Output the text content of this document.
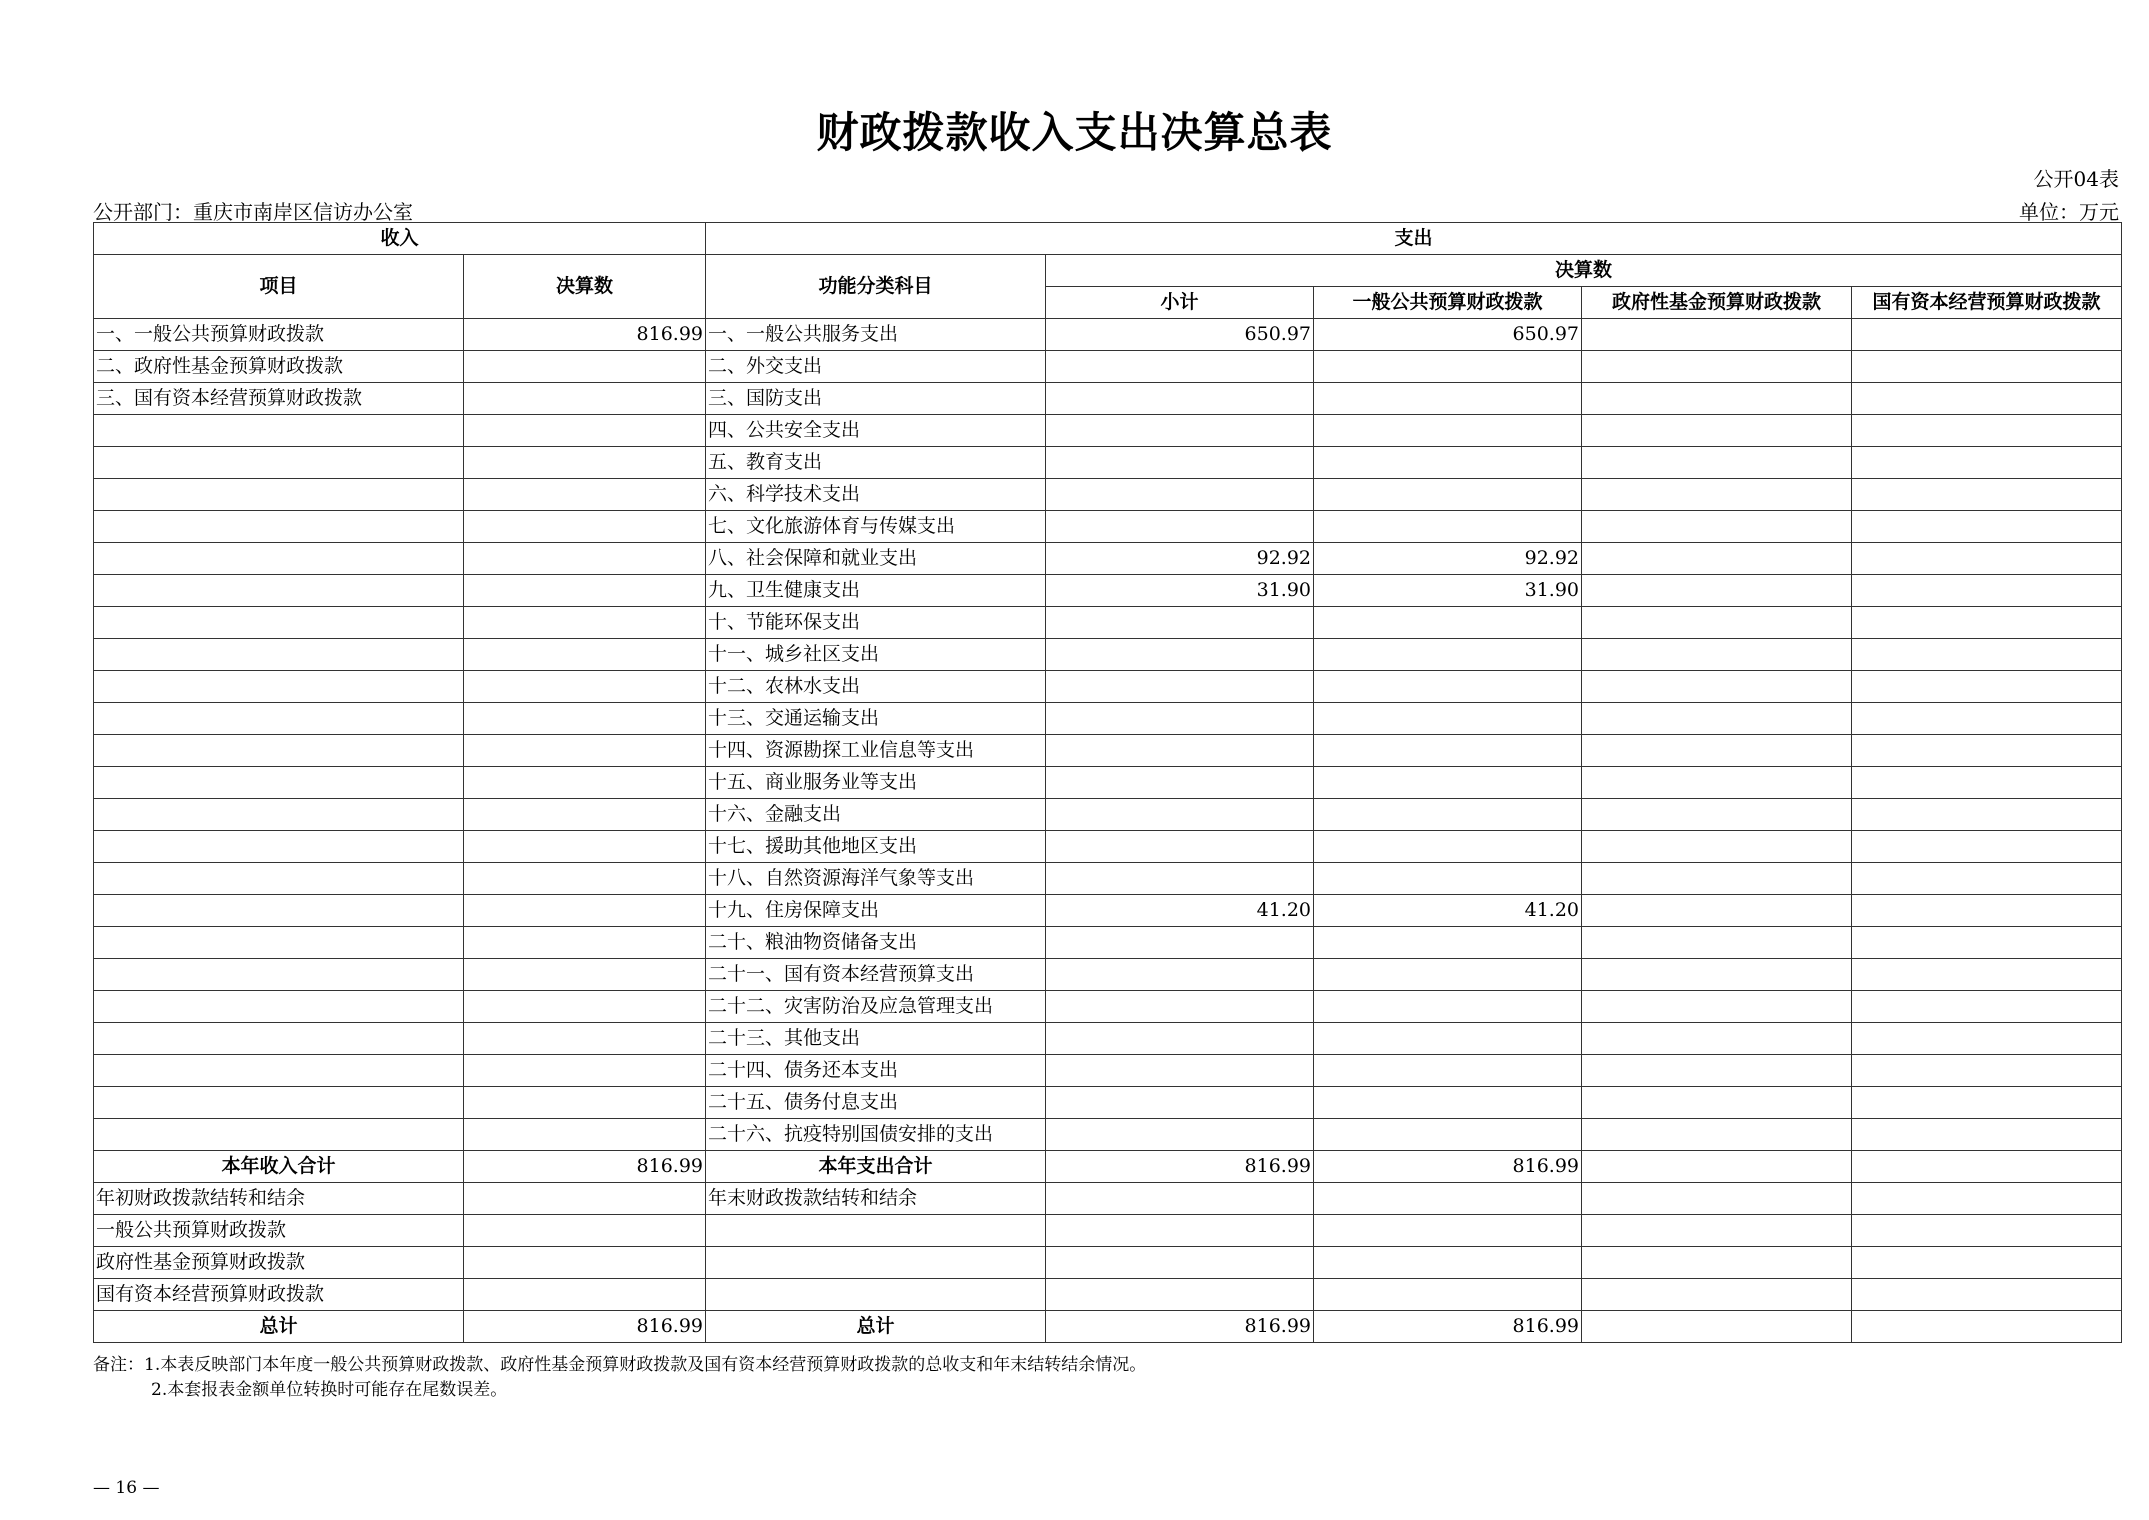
财政拨款收入支出决算总表
公开04表
公开部门：重庆市南岸区信访办公室	单位：万元
收入		支出				
项目	决算数	功能分类科目	决算数			
			小计	一般公共预算财政拨款	政府性基金预算财政拨款	国有资本经营预算财政拨款
一、一般公共预算财政拨款	816.99	一、一般公共服务支出	650.97	650.97		
二、政府性基金预算财政拨款		二、外交支出				
三、国有资本经营预算财政拨款		三、国防支出				
		四、公共安全支出				
		五、教育支出				
		六、科学技术支出				
		七、文化旅游体育与传媒支出				
		八、社会保障和就业支出	92.92	92.92		
		九、卫生健康支出	31.90	31.90		
		十、节能环保支出				
		十一、城乡社区支出				
		十二、农林水支出				
		十三、交通运输支出				
		十四、资源勘探工业信息等支出				
		十五、商业服务业等支出				
		十六、金融支出				
		十七、援助其他地区支出				
		十八、自然资源海洋气象等支出				
		十九、住房保障支出	41.20	41.20		
		二十、粮油物资储备支出				
		二十一、国有资本经营预算支出				
		二十二、灾害防治及应急管理支出				
		二十三、其他支出				
		二十四、债务还本支出				
		二十五、债务付息支出				
		二十六、抗疫特别国债安排的支出				
本年收入合计	816.99	本年支出合计	816.99	816.99		
年初财政拨款结转和结余		年末财政拨款结转和结余				
一般公共预算财政拨款						
政府性基金预算财政拨款						
国有资本经营预算财政拨款						
总计	816.99	总计	816.99	816.99		
备注：1.本表反映部门本年度一般公共预算财政拨款、政府性基金预算财政拨款及国有资本经营预算财政拨款的总收支和年末结转结余情况。
2.本套报表金额单位转换时可能存在尾数误差。
— 16 —
